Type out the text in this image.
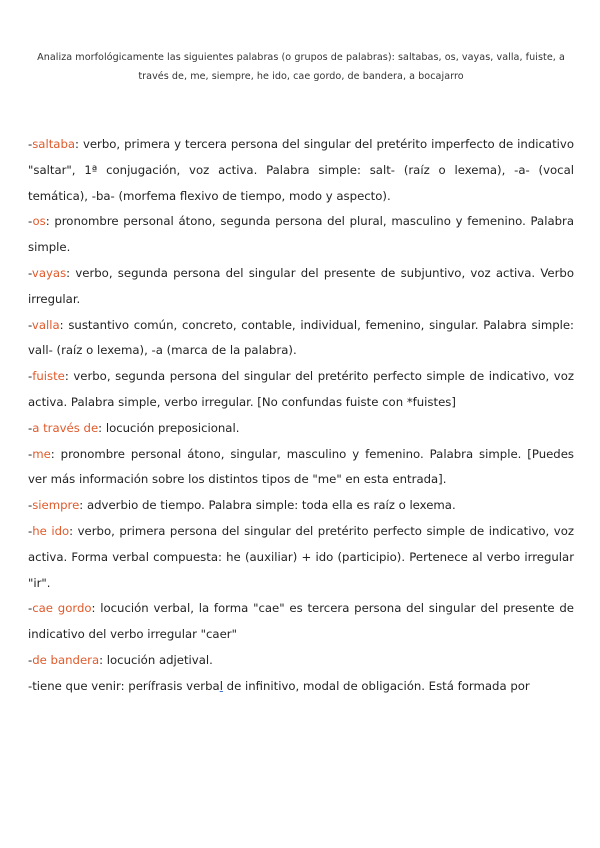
Analiza morfológicamente las siguientes palabras (o grupos de palabras): saltabas, os, vayas, valla, fuiste, a través de, me, siempre, he ido, cae gordo, de bandera, a bocajarro

-saltaba: verbo, primera y tercera persona del singular del pretérito imperfecto de indicativo "saltar", 1ª conjugación, voz activa. Palabra simple: salt- (raíz o lexema), -a- (vocal temática), -ba- (morfema flexivo de tiempo, modo y aspecto).

-os: pronombre personal átono, segunda persona del plural, masculino y femenino. Palabra simple.

-vayas: verbo, segunda persona del singular del presente de subjuntivo, voz activa. Verbo irregular.

-valla: sustantivo común, concreto, contable, individual, femenino, singular. Palabra simple: vall- (raíz o lexema), -a (marca de la palabra).

-fuiste: verbo, segunda persona del singular del pretérito perfecto simple de indicativo, voz activa. Palabra simple, verbo irregular. [No confundas fuiste con *fuistes]

-a través de: locución preposicional.

-me: pronombre personal átono, singular, masculino y femenino. Palabra simple. [Puedes ver más información sobre los distintos tipos de "me" en esta entrada].

-siempre: adverbio de tiempo. Palabra simple: toda ella es raíz o lexema.

-he ido: verbo, primera persona del singular del pretérito perfecto simple de indicativo, voz activa. Forma verbal compuesta: he (auxiliar) + ido (participio). Pertenece al verbo irregular "ir".

-cae gordo: locución verbal, la forma "cae" es tercera persona del singular del presente de indicativo del verbo irregular "caer"

-de bandera: locución adjetival.

-tiene que venir: perífrasis verbal de infinitivo, modal de obligación. Está formada por
